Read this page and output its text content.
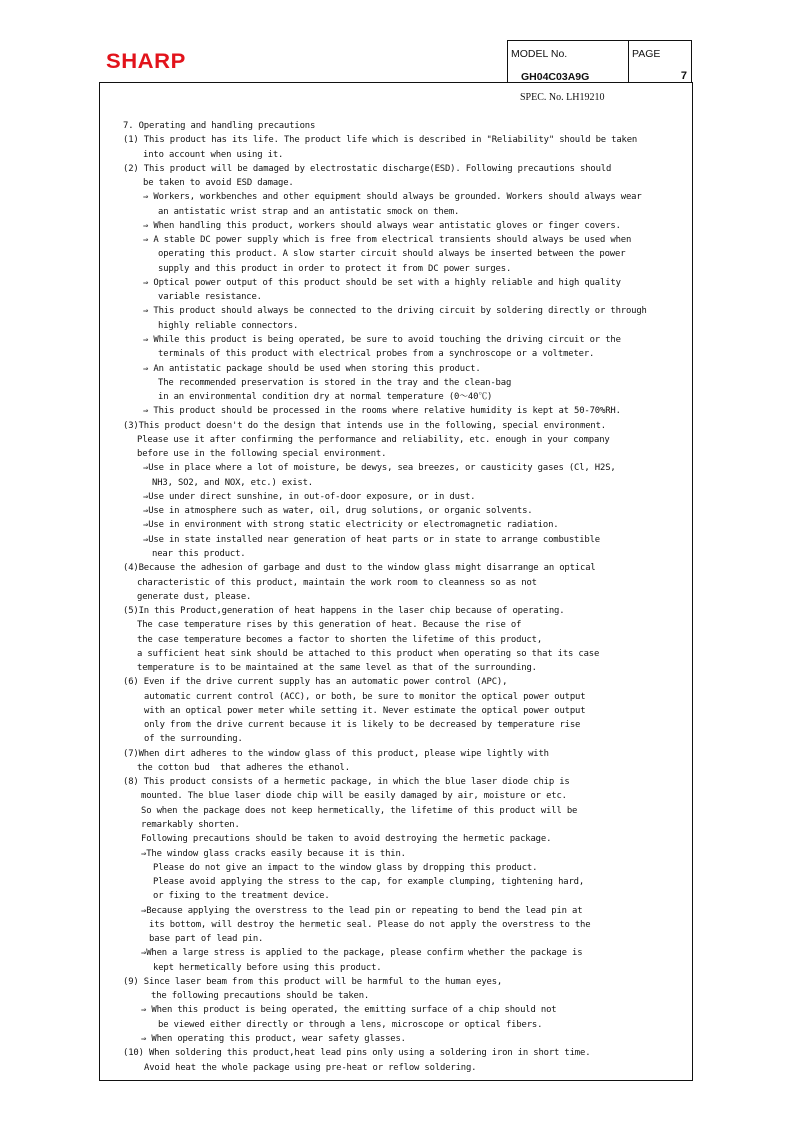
SHARP	MODEL No.
GH04C03A9G
PAGE
7
SPEC. No. LH19210
7. Operating and handling precautions
(1) This product has its life. The product life which is described in "Reliability" should be taken
into account when using it.
(2) This product will be damaged by electrostatic discharge(ESD). Following precautions should
be taken to avoid ESD damage.
⇒ Workers, workbenches and other equipment should always be grounded. Workers should always wear
an antistatic wrist strap and an antistatic smock on them.
⇒ When handling this product, workers should always wear antistatic gloves or finger covers.
⇒ A stable DC power supply which is free from electrical transients should always be used when
operating this product. A slow starter circuit should always be inserted between the power
supply and this product in order to protect it from DC power surges.
⇒ Optical power output of this product should be set with a highly reliable and high quality
variable resistance.
⇒ This product should always be connected to the driving circuit by soldering directly or through
highly reliable connectors.
⇒ While this product is being operated, be sure to avoid touching the driving circuit or the
terminals of this product with electrical probes from a synchroscope or a voltmeter.
⇒ An antistatic package should be used when storing this product.
The recommended preservation is stored in the tray and the clean-bag
in an environmental condition dry at normal temperature (0～40℃)
⇒ This product should be processed in the rooms where relative humidity is kept at 50-70%RH.
(3)This product doesn't do the design that intends use in the following, special environment.
Please use it after confirming the performance and reliability, etc. enough in your company
before use in the following special environment.
⇒Use in place where a lot of moisture, be dewys, sea breezes, or causticity gases (Cl, H2S,
NH3, SO2, and NOX, etc.) exist.
⇒Use under direct sunshine, in out-of-door exposure, or in dust.
⇒Use in atmosphere such as water, oil, drug solutions, or organic solvents.
⇒Use in environment with strong static electricity or electromagnetic radiation.
⇒Use in state installed near generation of heat parts or in state to arrange combustible
near this product.
(4)Because the adhesion of garbage and dust to the window glass might disarrange an optical
characteristic of this product, maintain the work room to cleanness so as not
generate dust, please.
(5)In this Product,generation of heat happens in the laser chip because of operating.
The case temperature rises by this generation of heat. Because the rise of
the case temperature becomes a factor to shorten the lifetime of this product,
a sufficient heat sink should be attached to this product when operating so that its case
temperature is to be maintained at the same level as that of the surrounding.
(6) Even if the drive current supply has an automatic power control (APC),
automatic current control (ACC), or both, be sure to monitor the optical power output
with an optical power meter while setting it. Never estimate the optical power output
only from the drive current because it is likely to be decreased by temperature rise
of the surrounding.
(7)When dirt adheres to the window glass of this product, please wipe lightly with
the cotton bud  that adheres the ethanol.
(8) This product consists of a hermetic package, in which the blue laser diode chip is
mounted. The blue laser diode chip will be easily damaged by air, moisture or etc.
So when the package does not keep hermetically, the lifetime of this product will be
remarkably shorten.
Following precautions should be taken to avoid destroying the hermetic package.
⇒The window glass cracks easily because it is thin.
Please do not give an impact to the window glass by dropping this product.
Please avoid applying the stress to the cap, for example clumping, tightening hard,
or fixing to the treatment device.
⇒Because applying the overstress to the lead pin or repeating to bend the lead pin at
its bottom, will destroy the hermetic seal. Please do not apply the overstress to the
base part of lead pin.
⇒When a large stress is applied to the package, please confirm whether the package is
kept hermetically before using this product.
(9) Since laser beam from this product will be harmful to the human eyes,
the following precautions should be taken.
⇒ When this product is being operated, the emitting surface of a chip should not
be viewed either directly or through a lens, microscope or optical fibers.
⇒ When operating this product, wear safety glasses.
(10) When soldering this product,heat lead pins only using a soldering iron in short time.
Avoid heat the whole package using pre-heat or reflow soldering.
